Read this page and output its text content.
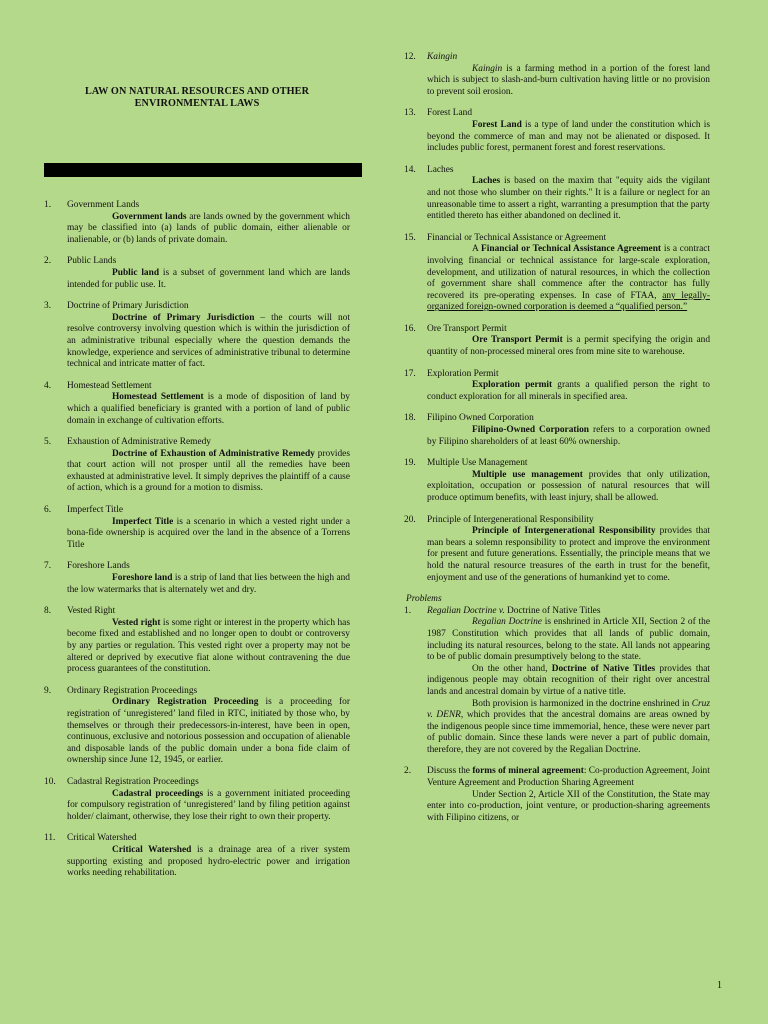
LAW ON NATURAL RESOURCES AND OTHER
ENVIRONMENTAL LAWS
1.	Government Lands
Government lands are lands owned by the government which may be classified into (a) lands of public domain, either alienable or inalienable, or (b) lands of private domain.
2.	Public Lands
Public land is a subset of government land which are lands intended for public use. It.
3.	Doctrine of Primary Jurisdiction
Doctrine of Primary Jurisdiction – the courts will not resolve controversy involving question which is within the jurisdiction of an administrative tribunal especially where the question demands the knowledge, experience and services of administrative tribunal to determine technical and intricate matter of fact.
4.	Homestead Settlement
Homestead Settlement is a mode of disposition of land by which a qualified beneficiary is granted with a portion of land of public domain in exchange of cultivation efforts.
5.	Exhaustion of Administrative Remedy
Doctrine of Exhaustion of Administrative Remedy provides that court action will not prosper until all the remedies have been exhausted at administrative level. It simply deprives the plaintiff of a cause of action, which is a ground for a motion to dismiss.
6.	Imperfect Title
Imperfect Title is a scenario in which a vested right under a bona-fide ownership is acquired over the land in the absence of a Torrens Title
7.	Foreshore Lands
Foreshore land is a strip of land that lies between the high and the low watermarks that is alternately wet and dry.
8.	Vested Right
Vested right is some right or interest in the property which has become fixed and established and no longer open to doubt or controversy by any parties or regulation. This vested right over a property may not be altered or deprived by executive fiat alone without contravening the due process guarantees of the constitution.
9.	Ordinary Registration Proceedings
Ordinary Registration Proceeding is a proceeding for registration of ‘unregistered’ land filed in RTC, initiated by those who, by themselves or through their predecessors-in-interest, have been in open, continuous, exclusive and notorious possession and occupation of alienable and disposable lands of the public domain under a bona fide claim of ownership since June 12, 1945, or earlier.
10.	Cadastral Registration Proceedings
Cadastral proceedings is a government initiated proceeding for compulsory registration of ‘unregistered’ land by filing petition against holder/ claimant, otherwise, they lose their right to own their property.
11.	Critical Watershed
Critical Watershed is a drainage area of a river system supporting existing and proposed hydro-electric power and irrigation works needing rehabilitation.
12.	Kaingin
Kaingin is a farming method in a portion of the forest land which is subject to slash-and-burn cultivation having little or no provision to prevent soil erosion.
13.	Forest Land
Forest Land is a type of land under the constitution which is beyond the commerce of man and may not be alienated or disposed. It includes public forest, permanent forest and forest reservations.
14.	Laches
Laches is based on the maxim that "equity aids the vigilant and not those who slumber on their rights." It is a failure or neglect for an unreasonable time to assert a right, warranting a presumption that the party entitled thereto has either abandoned on declined it.
15.	Financial or Technical Assistance or Agreement
A Financial or Technical Assistance Agreement is a contract involving financial or technical assistance for large-scale exploration, development, and utilization of natural resources, in which the collection of government share shall commence after the contractor has fully recovered its pre-operating expenses. In case of FTAA, any legally-organized foreign-owned corporation is deemed a “qualified person.”
16.	Ore Transport Permit
Ore Transport Permit is a permit specifying the origin and quantity of non-processed mineral ores from mine site to warehouse.
17.	Exploration Permit
Exploration permit grants a qualified person the right to conduct exploration for all minerals in specified area.
18.	Filipino Owned Corporation
Filipino-Owned Corporation refers to a corporation owned by Filipino shareholders of at least 60% ownership.
19.	Multiple Use Management
Multiple use management provides that only utilization, exploitation, occupation or possession of natural resources that will produce optimum benefits, with least injury, shall be allowed.
20.	Principle of Intergenerational Responsibility
Principle of Intergenerational Responsibility provides that man bears a solemn responsibility to protect and improve the environment for present and future generations. Essentially, the principle means that we hold the natural resource treasures of the earth in trust for the benefit, enjoyment and use of the generations of humankind yet to come.
Problems
1.	Regalian Doctrine v. Doctrine of Native Titles
Regalian Doctrine is enshrined in Article XII, Section 2 of the 1987 Constitution which provides that all lands of public domain, including its natural resources, belong to the state. All lands not appearing to be of public domain presumptively belong to the state.
On the other hand, Doctrine of Native Titles provides that indigenous people may obtain recognition of their right over ancestral lands and ancestral domain by virtue of a native title.
Both provision is harmonized in the doctrine enshrined in Cruz v. DENR, which provides that the ancestral domains are areas owned by the indigenous people since time immemorial, hence, these were never part of public domain. Since these lands were never a part of public domain, therefore, they are not covered by the Regalian Doctrine.
2.	Discuss the forms of mineral agreement: Co-production Agreement, Joint Venture Agreement and Production Sharing Agreement
Under Section 2, Article XII of the Constitution, the State may enter into co-production, joint venture, or production-sharing agreements with Filipino citizens, or
1
